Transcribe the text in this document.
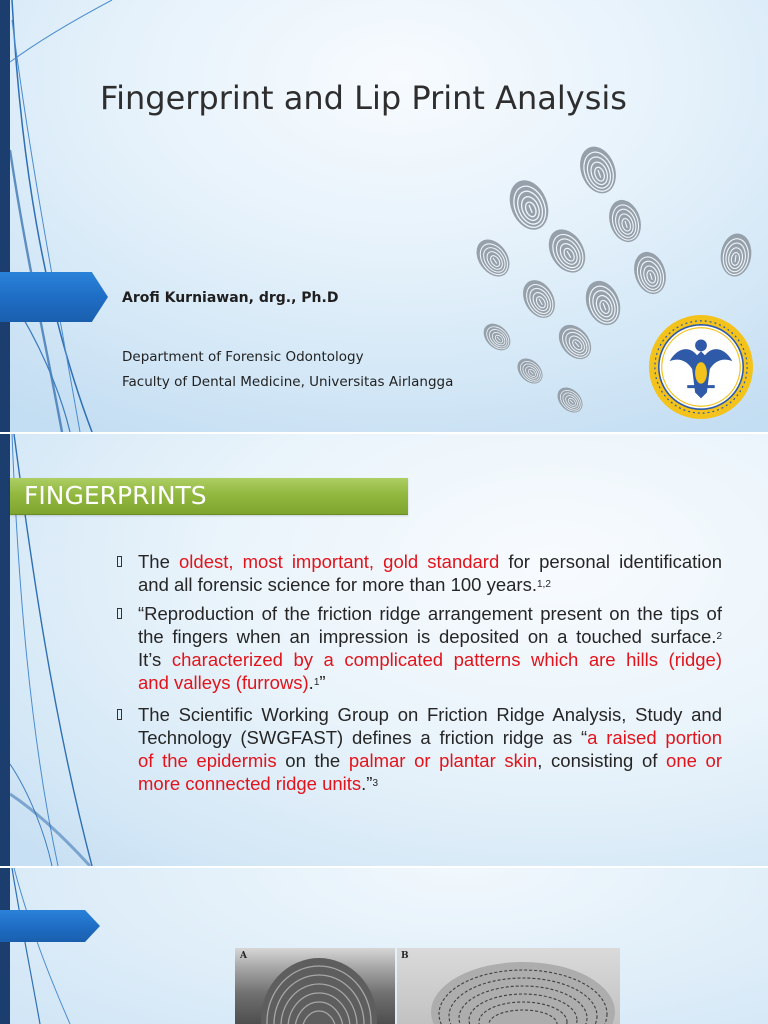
Fingerprint and Lip Print Analysis
Arofi Kurniawan, drg., Ph.D
Department of Forensic Odontology
Faculty of Dental Medicine, Universitas Airlangga
FINGERPRINTS
The oldest, most important, gold standard for personal identification
and all forensic science for more than 100 years.$^{1,2}$
“Reproduction of the friction ridge arrangement present on the tips of
the fingers when an impression is deposited on a touched surface.$^2$
It’s characterized by a complicated patterns which are hills (ridge)
and valleys (furrows).$^1$”
The Scientific Working Group on Friction Ridge Analysis, Study and
Technology (SWGFAST) defines a friction ridge as “a raised portion
of the epidermis on the palmar or plantar skin, consisting of one or
more connected ridge units.”$^3$
A	B
